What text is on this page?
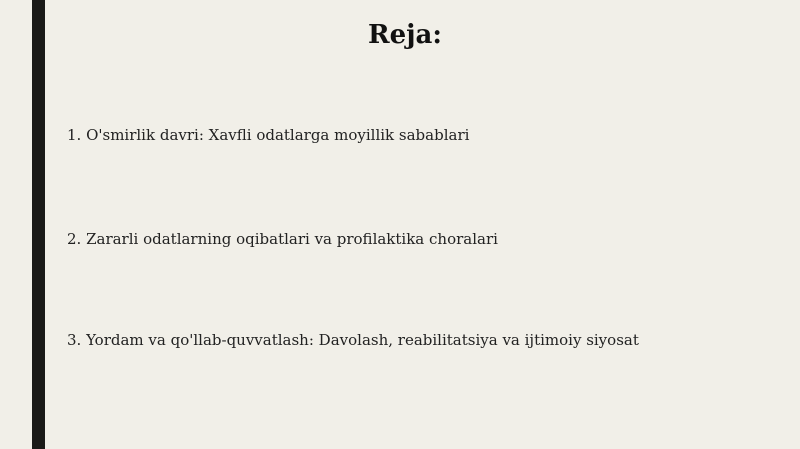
Reja:
1. O'smirlik davri: Xavfli odatlarga moyillik sabablari
2. Zararli odatlarning oqibatlari va profilaktika choralari
3. Yordam va qo'llab-quvvatlash: Davolash, reabilitatsiya va ijtimoiy siyosat
